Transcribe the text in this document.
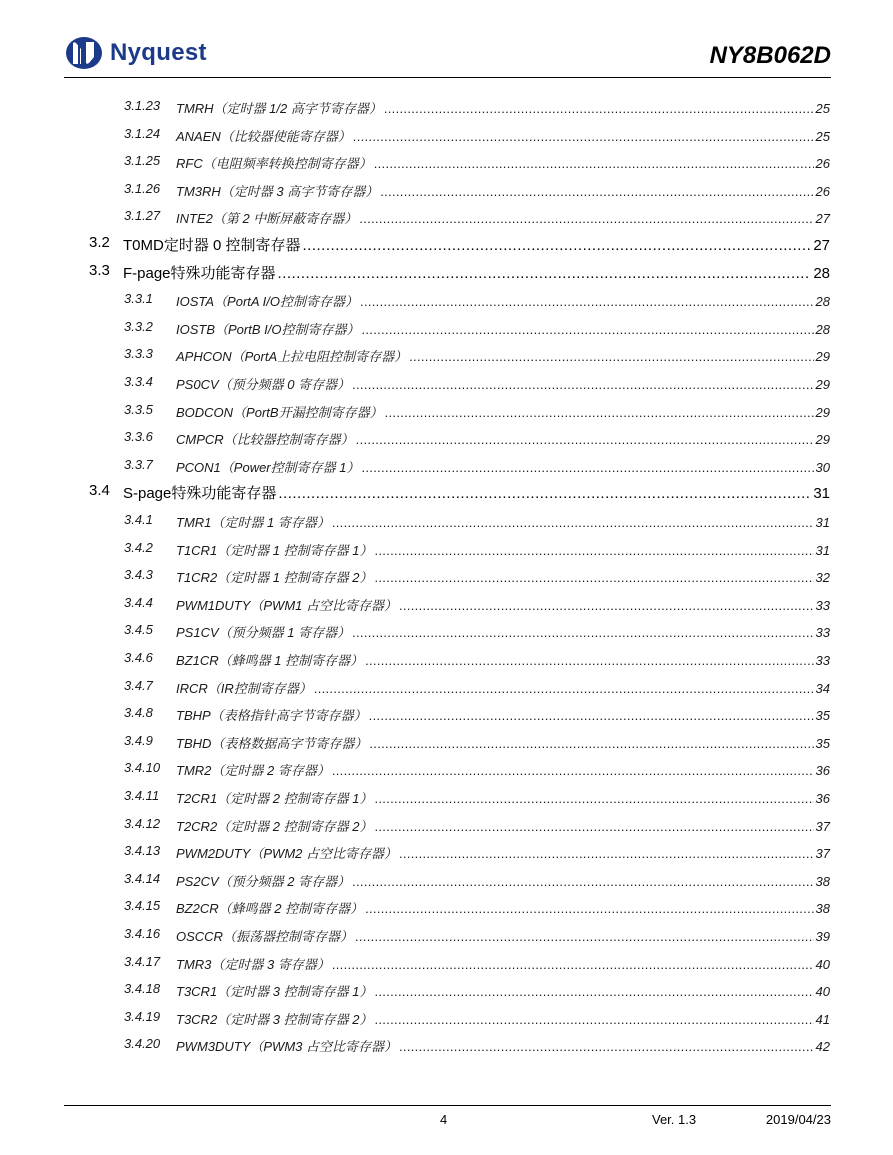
Nyquest	NY8B062D
3.1.23 TMRH（定时器 1/2 高字节寄存器） .....	25
3.1.24 ANAEN（比较器使能寄存器） .....	25
3.1.25 RFC（电阻频率转换控制寄存器） .....	26
3.1.26 TM3RH（定时器 3 高字节寄存器） .....	26
3.1.27 INTE2（第 2 中断屏蔽寄存器） .....	27
3.2 T0MD定时器 0 控制寄存器 .....	27
3.3 F-page特殊功能寄存器 .....	28
3.3.1 IOSTA（PortA I/O控制寄存器） .....	28
3.3.2 IOSTB（PortB I/O控制寄存器） .....	28
3.3.3 APHCON（PortA上拉电阻控制寄存器） .....	29
3.3.4 PS0CV（预分频器 0 寄存器） .....	29
3.3.5 BODCON（PortB开漏控制寄存器） .....	29
3.3.6 CMPCR（比较器控制寄存器） .....	29
3.3.7 PCON1（Power控制寄存器 1） .....	30
3.4 S-page特殊功能寄存器 .....	31
3.4.1 TMR1（定时器 1 寄存器） .....	31
3.4.2 T1CR1（定时器 1 控制寄存器 1） .....	31
3.4.3 T1CR2（定时器 1 控制寄存器 2） .....	32
3.4.4 PWM1DUTY（PWM1 占空比寄存器） .....	33
3.4.5 PS1CV（预分频器 1 寄存器） .....	33
3.4.6 BZ1CR（蜂鸣器 1 控制寄存器） .....	33
3.4.7 IRCR（IR控制寄存器） .....	34
3.4.8 TBHP（表格指针高字节寄存器） .....	35
3.4.9 TBHD（表格数据高字节寄存器） .....	35
3.4.10 TMR2（定时器 2 寄存器） .....	36
3.4.11 T2CR1（定时器 2 控制寄存器 1） .....	36
3.4.12 T2CR2（定时器 2 控制寄存器 2） .....	37
3.4.13 PWM2DUTY（PWM2 占空比寄存器） .....	37
3.4.14 PS2CV（预分频器 2 寄存器） .....	38
3.4.15 BZ2CR（蜂鸣器 2 控制寄存器） .....	38
3.4.16 OSCCR（振荡器控制寄存器） .....	39
3.4.17 TMR3（定时器 3 寄存器） .....	40
3.4.18 T3CR1（定时器 3 控制寄存器 1） .....	40
3.4.19 T3CR2（定时器 3 控制寄存器 2） .....	41
3.4.20 PWM3DUTY（PWM3 占空比寄存器） .....	42
4	Ver. 1.3	2019/04/23
